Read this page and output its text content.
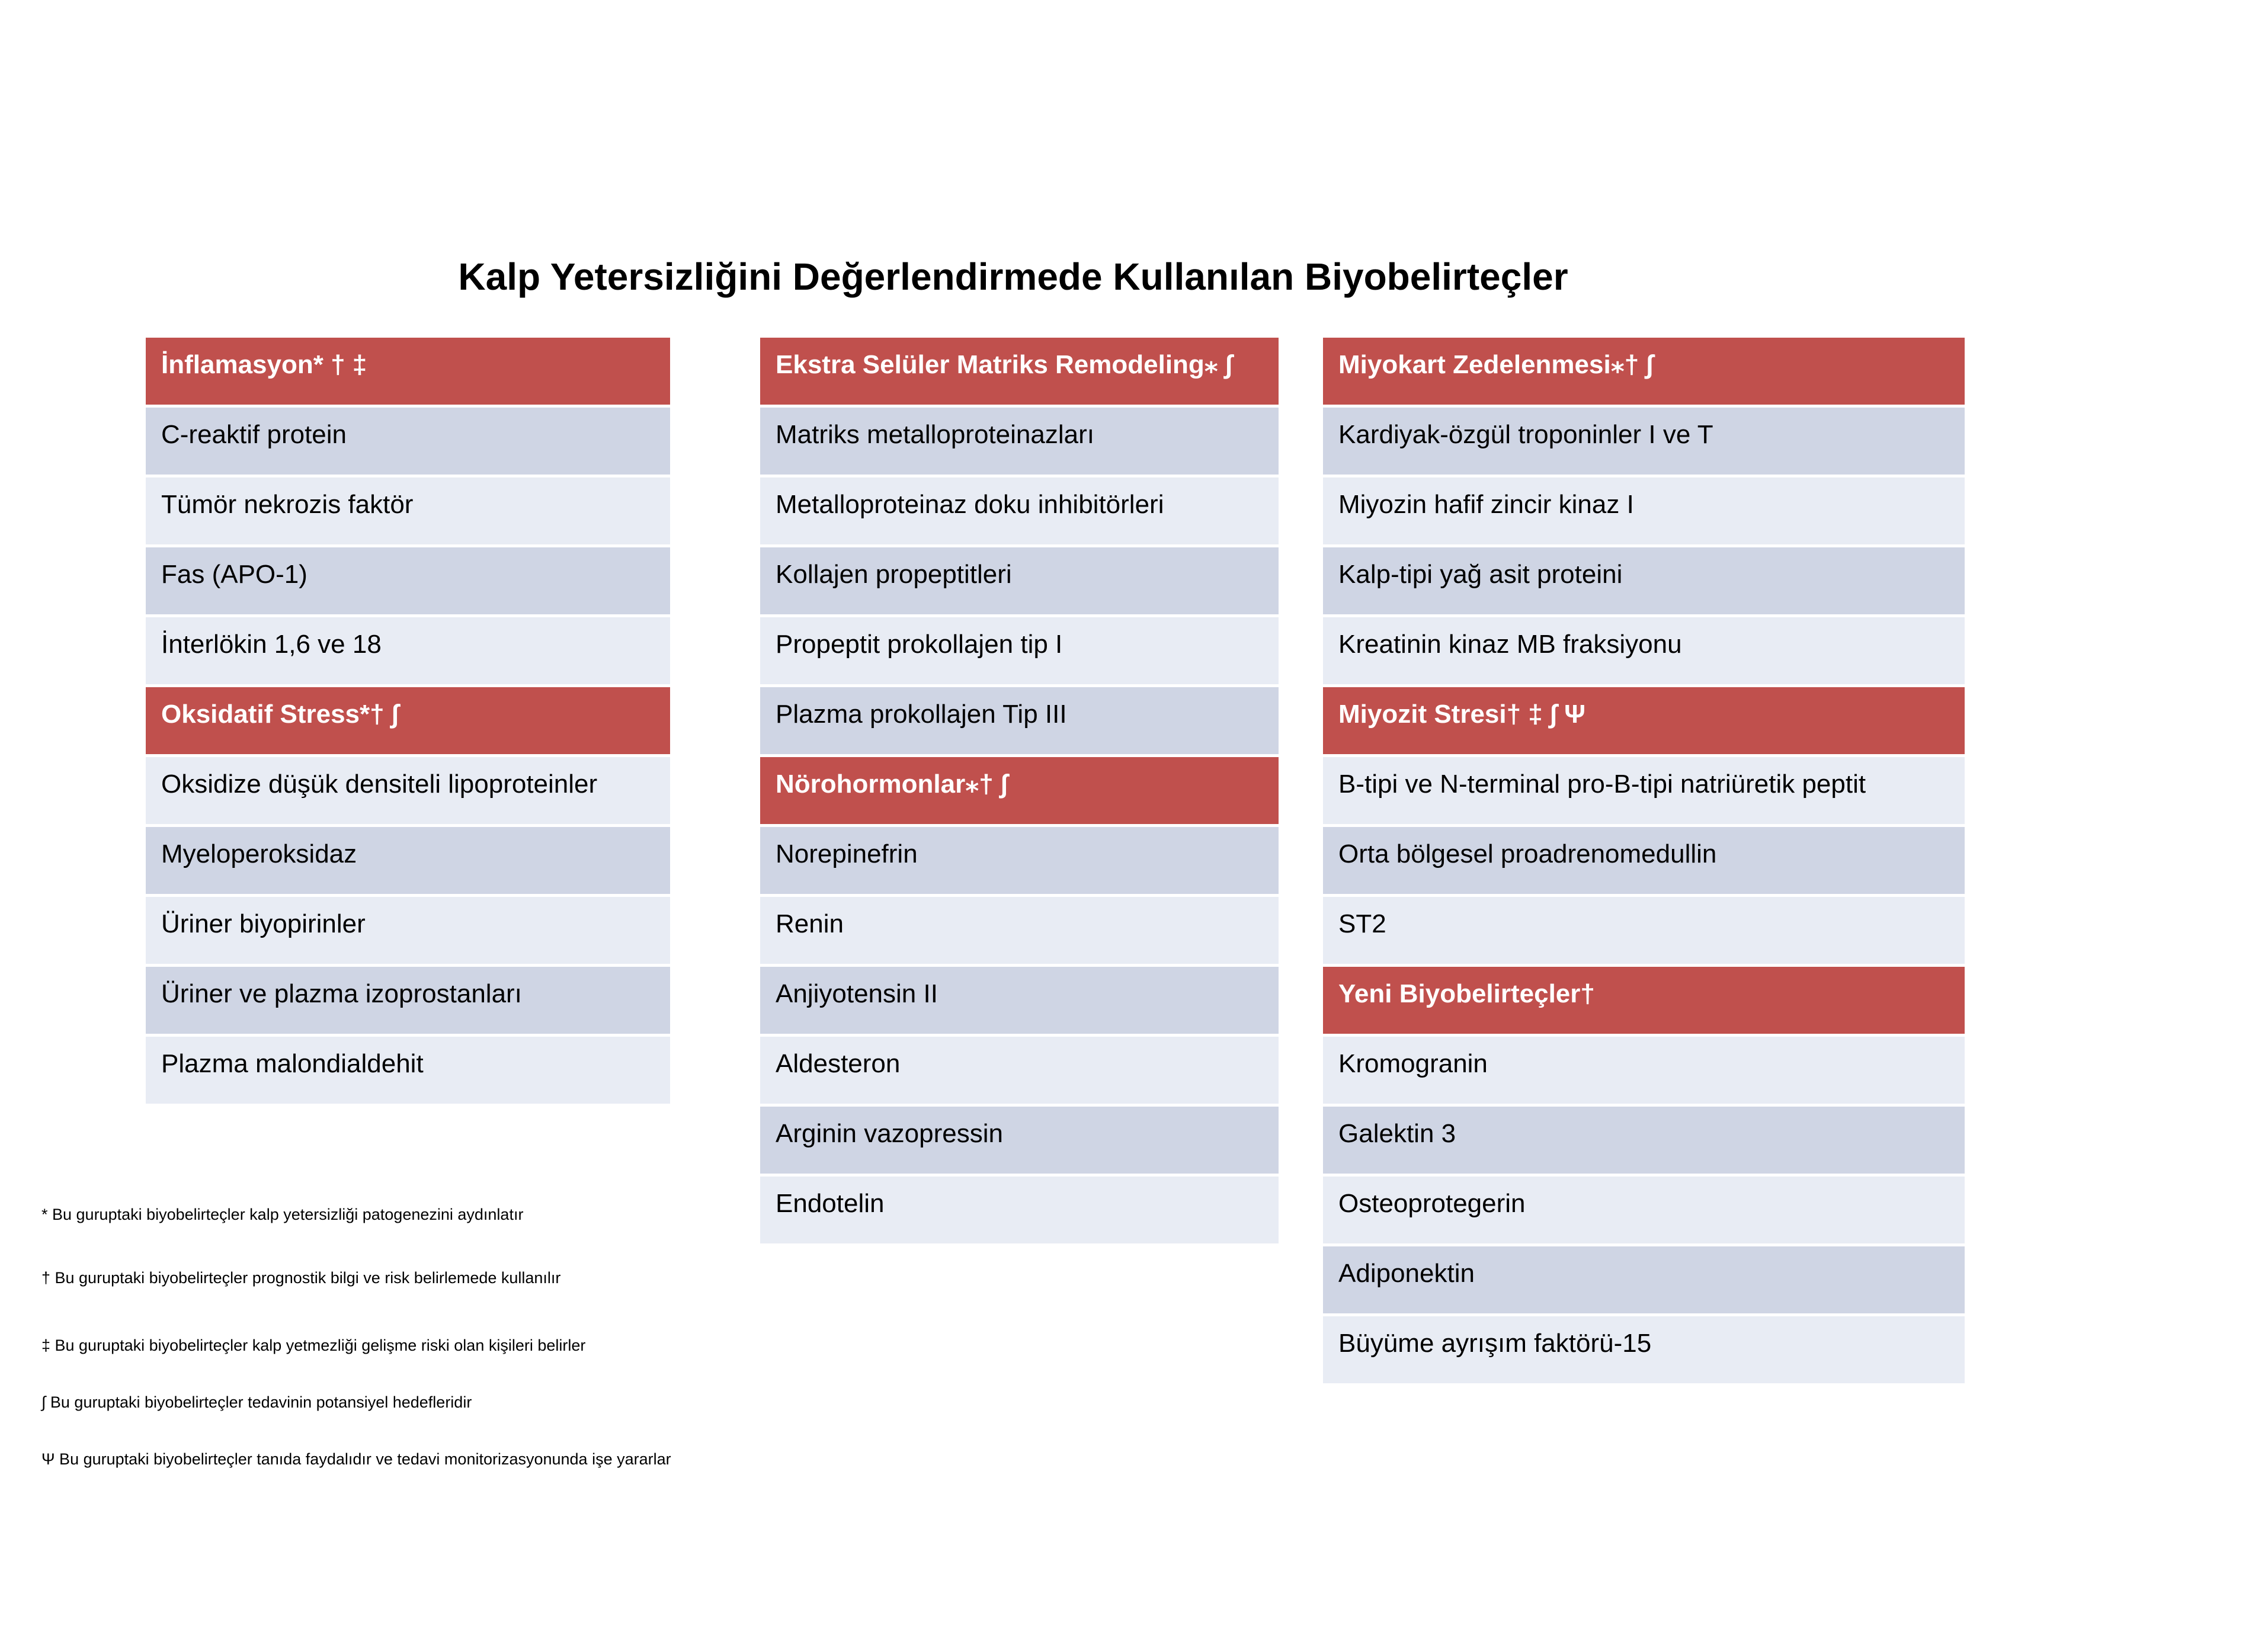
Kalp Yetersizliğini Değerlendirmede Kullanılan Biyobelirteçler
İnflamasyon* † ‡
C-reaktif protein
Tümör nekrozis faktör
Fas (APO-1)
İnterlökin 1,6 ve 18
Oksidatif Stress*† ∫
Oksidize düşük densiteli lipoproteinler
Myeloperoksidaz
Üriner biyopirinler
Üriner ve plazma izoprostanları
Plazma malondialdehit
Ekstra Selüler Matriks Remodeling⁎ ∫
Matriks metalloproteinazları
Metalloproteinaz doku inhibitörleri
Kollajen propeptitleri
Propeptit prokollajen tip I
Plazma prokollajen Tip III
Nörohormonlar⁎† ∫
Norepinefrin
Renin
Anjiyotensin II
Aldesteron
Arginin vazopressin
Endotelin
Miyokart Zedelenmesi⁎† ∫
Kardiyak-özgül troponinler I ve T
Miyozin hafif zincir kinaz I
Kalp-tipi yağ asit proteini
Kreatinin kinaz MB fraksiyonu
Miyozit Stresi† ‡ ∫ Ψ
B-tipi ve N-terminal pro-B-tipi natriüretik peptit
Orta bölgesel proadrenomedullin
ST2
Yeni Biyobelirteçler†
Kromogranin
Galektin 3
Osteoprotegerin
Adiponektin
Büyüme ayrışım faktörü-15
* Bu guruptaki biyobelirteçler kalp yetersizliği patogenezini aydınlatır
† Bu guruptaki biyobelirteçler prognostik bilgi ve risk belirlemede kullanılır
‡ Bu guruptaki biyobelirteçler kalp yetmezliği gelişme riski olan kişileri belirler
∫ Bu guruptaki biyobelirteçler tedavinin potansiyel hedefleridir
Ψ Bu guruptaki biyobelirteçler tanıda faydalıdır ve tedavi monitorizasyonunda işe yararlar
